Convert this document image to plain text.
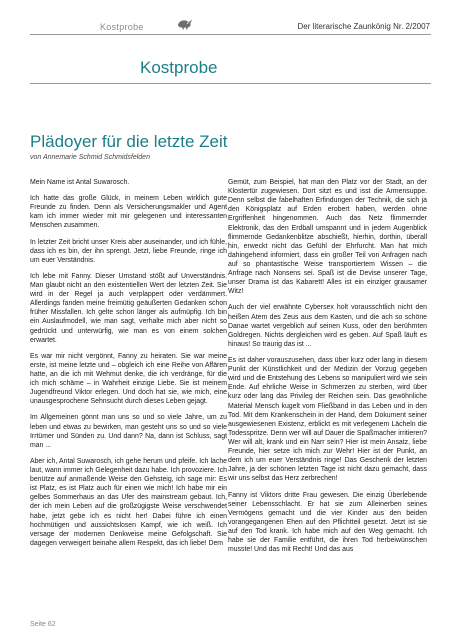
Kostprobe	Der literarische Zaunkönig Nr. 2/2007
Kostprobe
Plädoyer für die letzte Zeit
von Annemarie Schmid Schmidsfelden

Mein Name ist Antal Suwarosch.

Ich hatte das große Glück, in meinem Leben wirklich gute Freunde zu finden. Denn als Versicherungsmakler und Agent kam ich immer wieder mit mir gelegenen und interessanten Menschen zusammen.

In letzter Zeit bricht unser Kreis aber auseinander, und ich fühle, dass ich es bin, der ihn sprengt. Jetzt, liebe Freunde, ringe ich um euer Verständnis.

Ich lebe mit Fanny. Dieser Umstand stößt auf Unverständnis. Man glaubt nicht an den existentiellen Wert der letzten Zeit. Sie wird in der Regel ja auch verplappert oder verdämmert. Allerdings fanden meine freimütig geäußerten Gedanken schon früher Missfallen. Ich gelte schon länger als aufmüpfig. Ich bin ein Auslaufmodell, wie man sagt, verhalte mich aber nicht so gedrückt und unterwürfig, wie man es von einem solchen erwartet.

Es war mir nicht vergönnt, Fanny zu heiraten. Sie war meine erste, ist meine letzte und – obgleich ich eine Reihe von Affären hatte, an die ich mit Wehmut denke, die ich verdränge, für die ich mich schäme – in Wahrheit einzige Liebe. Sie ist meinem Jugendfreund Viktor erlegen. Und doch hat sie, wie mich, eine unausgesprochene Sehnsucht durch dieses Leben gejagt.

Im Allgemeinen gönnt man uns so und so viele Jahre, um zu leben und etwas zu bewirken, man gesteht uns so und so viele Irrtümer und Sünden zu. Und dann? Na, dann ist Schluss, sagt man ...

Aber ich, Antal Suwarosch, ich gehe herum und pfeife. Ich lache laut, wann immer ich Gelegenheit dazu habe. Ich provoziere. Ich benütze auf anmaßende Weise den Gehsteig, ich sage mir: Es ist Platz, es ist Platz auch für einen wie mich! Ich habe mir ein gelbes Sommerhaus an das Ufer des mainstream gebaut. Ich, der ich mein Leben auf die großzügigste Weise verschwendet habe, jetzt gebe ich es nicht her! Dabei führe ich einen hochmütigen und aussichtslosen Kampf, wie ich weiß. Ich versage der modernen Denkweise meine Gefolgschaft. Sie dagegen verweigert beinahe allem Respekt, das ich liebe! Dem

Gemüt, zum Beispiel, hat man den Platz vor der Stadt, an der Klostertür zugewiesen. Dort sitzt es und isst die Armensuppe. Denn selbst die fabelhaften Erfindungen der Technik, die sich ja den Königsplatz auf Erden erobert haben, werden ohne Ergriffenheit hingenommen. Auch das Netz flimmernder Elektronik, das den Erdball umspannt und in jedem Augenblick flimmernde Gedankenblitze abschießt, hierhin, dorthin, überall hin, erweckt nicht das Gefühl der Ehrfurcht. Man hat mich dahingehend informiert, dass ein großer Teil von Anfragen nach auf so phantastische Weise transportiertem Wissen – die Anfrage nach Nonsens sei. Spaß ist die Devise unserer Tage, unser Drama ist das Kabarett! Alles ist ein einziger grausamer Witz!

Auch der viel erwähnte Cybersex holt vorausschtlich nicht den heißen Atem des Zeus aus dem Kasten, und die ach so schöne Danae wartet vergeblich auf seinen Kuss, oder den berühmten Goldregen. Nichts dergleichen wird es geben. Auf Spaß läuft es hinaus! So traurig das ist ...

Es ist daher vorauszusehen, dass über kurz oder lang in diesem Punkt der Künstlichkeit und der Medizin der Vorzug gegeben wird und die Entstehung des Lebens so manipuliert wird wie sein Ende. Auf ehrliche Weise in Schmerzen zu sterben, wird über kurz oder lang das Privileg der Reichen sein. Das gewöhnliche Material Mensch kugelt vom Fließband in das Leben und in den Tod. Mit dem Krankenschein in der Hand, dem Dokument seiner ausgewiesenen Existenz, erblickt es mit verlegenem Lächeln die Todesspritze. Denn wer will auf Dauer die Spaßmacher irritieren? Wer will alt, krank und ein Narr sein? Hier ist mein Ansatz, liebe Freunde, hier setze ich mich zur Wehr! Hier ist der Punkt, an dem ich um euer Verständnis ringe! Das Geschenk der letzten Jahre, ja der schönen letzten Tage ist nicht dazu gemacht, dass wir uns selbst das Herz zerbrechen!

Fanny ist Viktors dritte Frau gewesen. Die einzig Überlebende seiner Lebensschlacht. Er hat sie zum Alleinerben seines Vermögens gemacht und die vier Kinder aus den beiden vorangegangenen Ehen auf den Pflichtteil gesetzt. Jetzt ist sie auf den Tod krank. Ich habe mich auf den Weg gemacht. Ich habe sie der Familie entführt, die ihren Tod herbeiwünschen musste! Und das mit Recht! Und das aus

Seite 62
